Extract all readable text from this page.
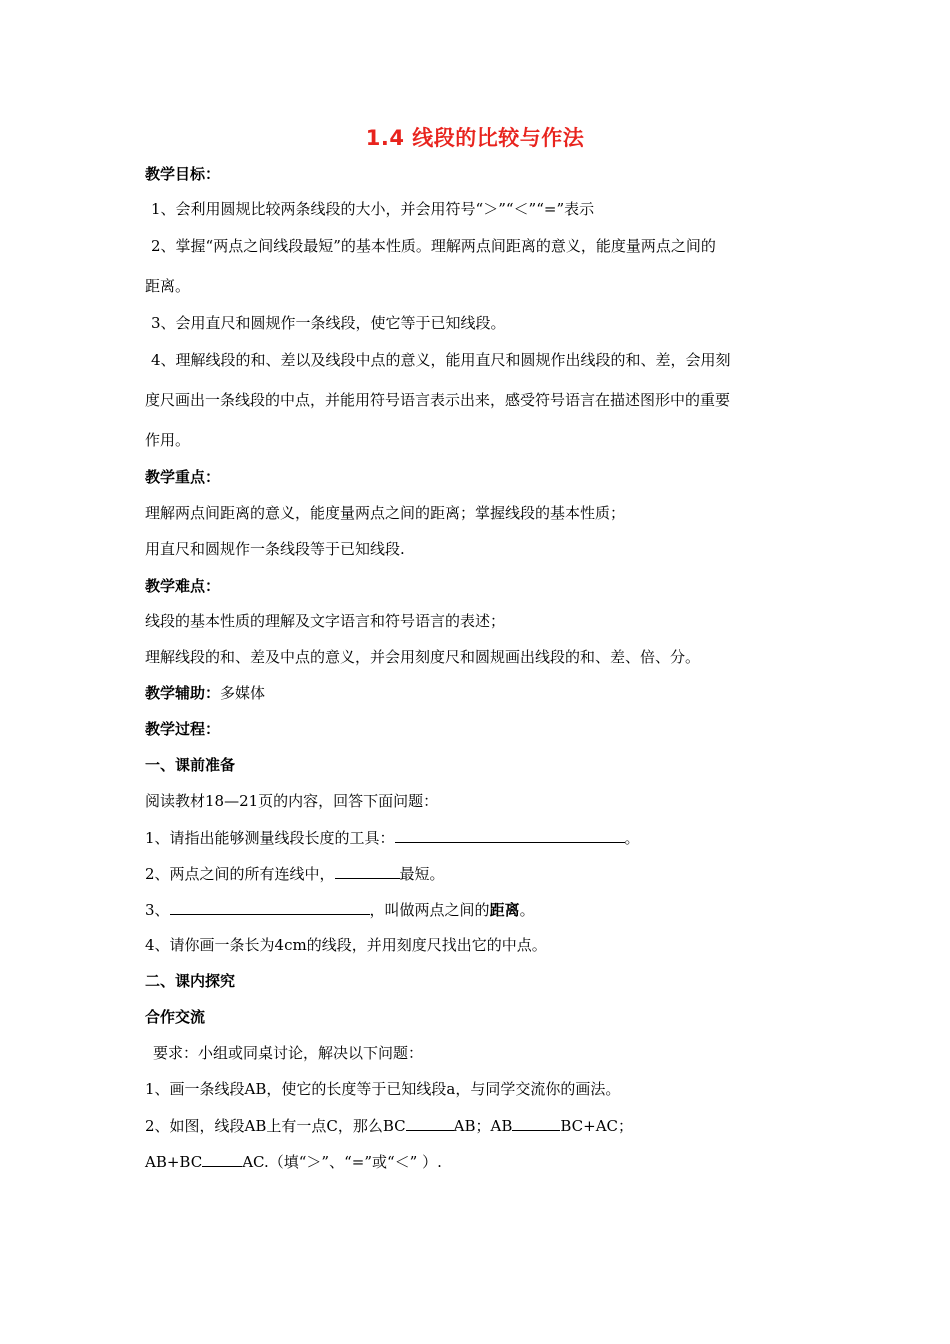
1.4 线段的比较与作法
教学目标：
1、会利用圆规比较两条线段的大小，并会用符号“＞”“＜”“=”表示
2、掌握“两点之间线段最短”的基本性质。理解两点间距离的意义，能度量两点之间的
距离。
3、会用直尺和圆规作一条线段，使它等于已知线段。
4、理解线段的和、差以及线段中点的意义，能用直尺和圆规作出线段的和、差，会用刻
度尺画出一条线段的中点，并能用符号语言表示出来，感受符号语言在描述图形中的重要
作用。
教学重点：
理解两点间距离的意义，能度量两点之间的距离；掌握线段的基本性质；
用直尺和圆规作一条线段等于已知线段.
教学难点：
线段的基本性质的理解及文字语言和符号语言的表述；
理解线段的和、差及中点的意义，并会用刻度尺和圆规画出线段的和、差、倍、分。
教学辅助：多媒体
教学过程：
一、课前准备
阅读教材18—21页的内容，回答下面问题：
1、请指出能够测量线段长度的工具：	。
2、两点之间的所有连线中，	最短。
3、	，叫做两点之间的距离。
4、请你画一条长为4cm的线段，并用刻度尺找出它的中点。
二、课内探究
合作交流
要求：小组或同桌讨论，解决以下问题：
1、画一条线段AB，使它的长度等于已知线段a，与同学交流你的画法。
2、如图，线段AB上有一点C，那么BC	AB；AB	BC+AC；
AB+BC	AC.（填“＞”、“=”或“＜” ）.
